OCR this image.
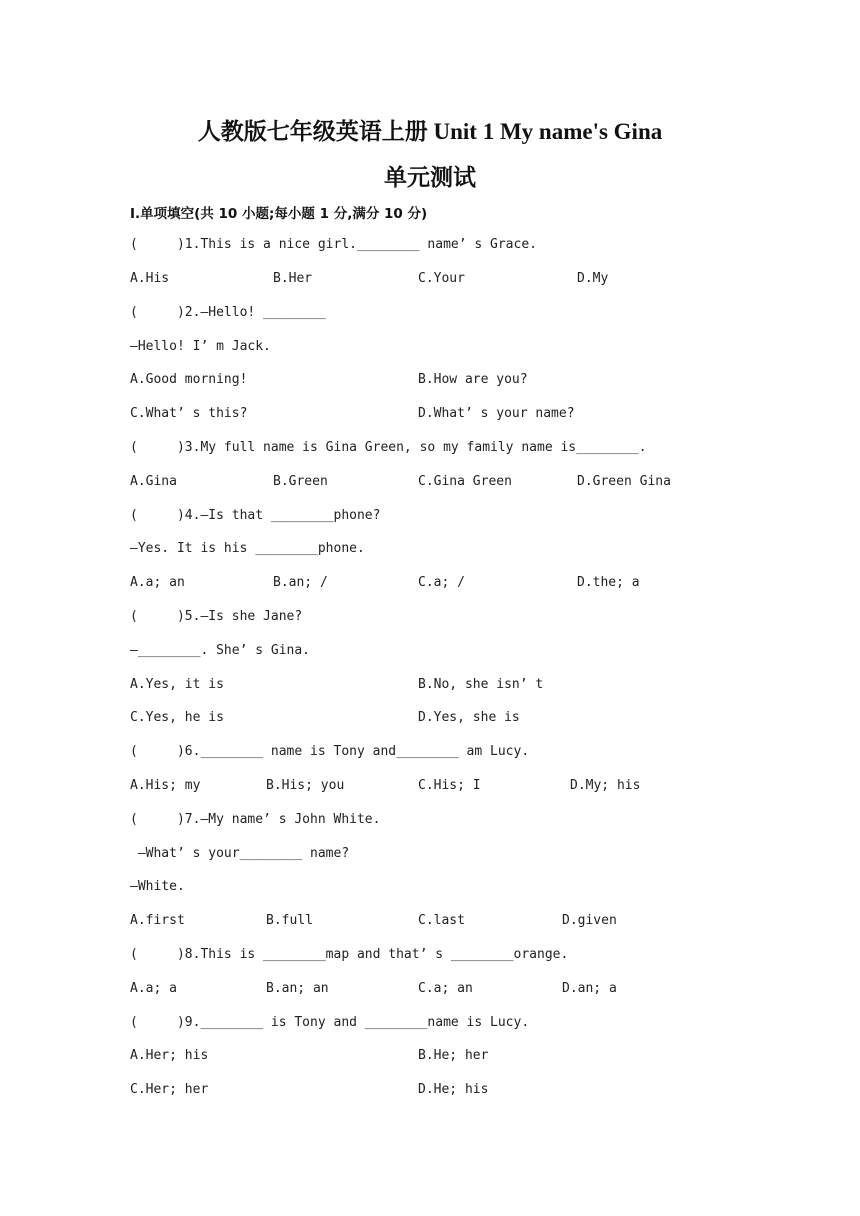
人教版七年级英语上册 Unit 1 My name's Gina
单元测试
Ⅰ.单项填空(共 10 小题;每小题 1 分,满分 10 分)
(     )1.This is a nice girl.________ name’ s Grace.
A.His	B.Her	C.Your	D.My
(     )2.—Hello! ________
—Hello! I’ m Jack.
A.Good morning!	B.How are you?
C.What’ s this?	D.What’ s your name?
(     )3.My full name is Gina Green, so my family name is________.
A.Gina	B.Green	C.Gina Green	D.Green Gina
(     )4.—Is that ________phone?
—Yes. It is his ________phone.
A.a; an	B.an; /	C.a; /	D.the; a
(     )5.—Is she Jane?
—________. She’ s Gina.
A.Yes, it is	B.No, she isn’ t
C.Yes, he is	D.Yes, she is
(     )6.________ name is Tony and________ am Lucy.
A.His; my	B.His; you	C.His; I	D.My; his
(     )7.—My name’ s John White.
—What’ s your________ name?
—White.
A.first	B.full	C.last	D.given
(     )8.This is ________map and that’ s ________orange.
A.a; a	B.an; an	C.a; an	D.an; a
(     )9.________ is Tony and ________name is Lucy.
A.Her; his	B.He; her
C.Her; her	D.He; his
